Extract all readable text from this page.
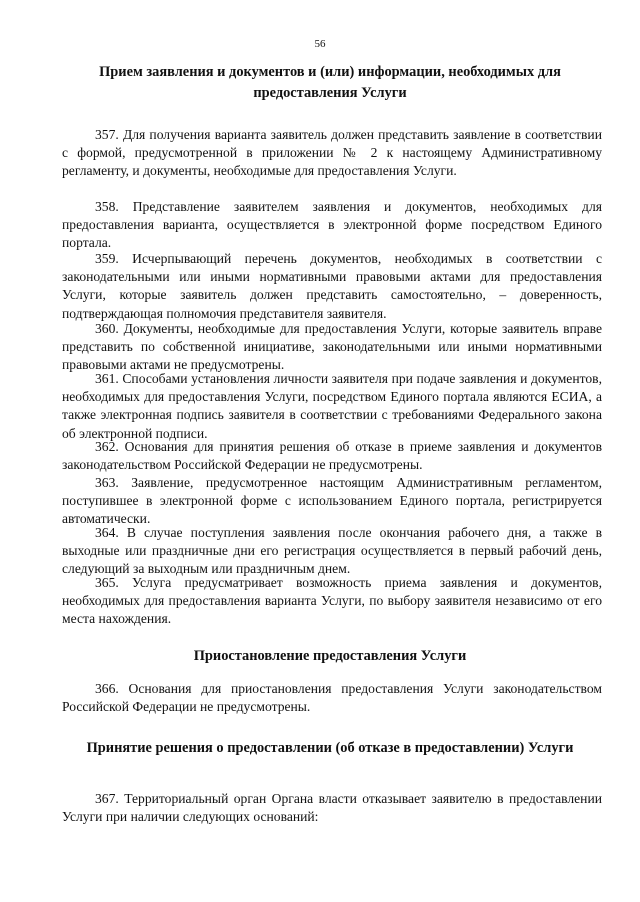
56
Прием заявления и документов и (или) информации, необходимых для предоставления Услуги

357. Для получения варианта заявитель должен представить заявление в соответствии с формой, предусмотренной в приложении № 2 к настоящему Административному регламенту, и документы, необходимые для предоставления Услуги.

358. Представление заявителем заявления и документов, необходимых для предоставления варианта, осуществляется в электронной форме посредством Единого портала.

359. Исчерпывающий перечень документов, необходимых в соответствии с законодательными или иными нормативными правовыми актами для предоставления Услуги, которые заявитель должен представить самостоятельно, – доверенность, подтверждающая полномочия представителя заявителя.

360. Документы, необходимые для предоставления Услуги, которые заявитель вправе представить по собственной инициативе, законодательными или иными нормативными правовыми актами не предусмотрены.

361. Способами установления личности заявителя при подаче заявления и документов, необходимых для предоставления Услуги, посредством Единого портала являются ЕСИА, а также электронная подпись заявителя в соответствии с требованиями Федерального закона об электронной подписи.

362. Основания для принятия решения об отказе в приеме заявления и документов законодательством Российской Федерации не предусмотрены.

363. Заявление, предусмотренное настоящим Административным регламентом, поступившее в электронной форме с использованием Единого портала, регистрируется автоматически.

364. В случае поступления заявления после окончания рабочего дня, а также в выходные или праздничные дни его регистрация осуществляется в первый рабочий день, следующий за выходным или праздничным днем.

365. Услуга предусматривает возможность приема заявления и документов, необходимых для предоставления варианта Услуги, по выбору заявителя независимо от его места нахождения.

Приостановление предоставления Услуги

366. Основания для приостановления предоставления Услуги законодательством Российской Федерации не предусмотрены.

Принятие решения о предоставлении (об отказе в предоставлении) Услуги

367. Территориальный орган Органа власти отказывает заявителю в предоставлении Услуги при наличии следующих оснований:
